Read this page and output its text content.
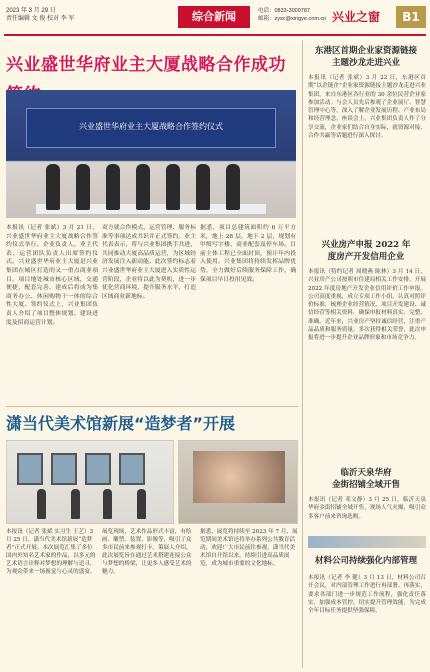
2023 年 3 月 29 日
责任编辑 文 俊 校对 李 军	综合新闻	电话：0833-3009787
邮箱：zysc@xingye.com.cn 兴业之窗	B1
兴业盛世华府业主大厦战略合作成功
兴业盛世华府业主大厦战略合作签约仪式
本报讯（记者 张斌）3 月 21 日，兴业盛世华府业主大厦战略合作签约仪式举行。企业负责人、业主代表、运营团队负责人出席签约仪式。兴业盛世华府业主大厦是兴业集团在城区打造的又一重点商业项目。项目地处城市核心区域，交通便捷，配套完善，建成后将成为集商务办公、休闲购物于一体的综合性大厦。签约仪式上，兴业集团负责人介绍了项目整体规划、建设进度及招商运营计划。
双方就合作模式、运营管理、服务标准等事项达成共识并正式签约。业主代表表示，将与兴业集团携手共进，共同推动大厦高品质运营，为区域经济发展注入新动能。此次签约标志着兴业盛世华府业主大厦进入实质性运营阶段，企业将以此为契机，进一步优化营商环境，提升服务水平，打造区域商业新地标。
据悉，项目总建筑面积约 6 万平方米，地上 28 层，地下 2 层，规划有甲级写字楼、商业配套及停车场。目前主体工程已全面封顶，预计年内投入使用。兴业集团将持续发挥品牌优势，全力做好后续服务保障工作，确保项目早日投用见效。
东港区首期企业家资源链接
主题沙龙走进兴业
本报讯（记者 张斌）3 月 22 日，东港区首期“以企链企”企业家资源链接主题沙龙走进兴业集团。来自东港区各行业的 30 余位民营企业家参加活动。与会人员先后参观了企业展厅、智慧管理中心等，深入了解企业发展历程、产业布局和经营理念。座谈会上，兴业集团负责人作了分享交流，企业家们结合自身实际，就资源对接、合作共赢等话题进行深入探讨。
兴业房产申报 2022 年
度房产开发信用企业
本报讯（特约记者 周晓燕 陈林）3 月 14 日，兴业房产公司按照市住建局相关工作安排，开展 2022 年度房地产开发企业信用评价工作申报。公司高度重视，成立专项工作小组，认真对照评价标准，梳理企业经营情况、项目开发建设、诚信经营等相关资料，确保申报材料真实、完整、准确。近年来，兴业房产坚持诚信经营，注重产品品质和服务质量，多次获得相关荣誉，此次申报将进一步提升企业品牌形象和市场竞争力。
临沂天泉华府
金街招铺全域开售
本报讯（记者 邓文静）3 月 25 日，临沂天泉华府金街招铺全域开售，现场人气火爆，吸引众多客户前来咨询选购。
材料公司持续强化内部管理
本报讯（记者 李 健）3 月 13 日，材料公司召开会议，对内部管理工作进行再部署、再落实，要求各部门进一步规范工作流程，强化责任落实，加强成本管控，切实提升管理效能，为完成全年目标任务提供坚强保障。
潇当代美术馆新展“造梦者”开展
本报讯（记者 张斌 实习生 王艺）3 月 25 日，潇当代美术馆新展“造梦者”正式开展。本次展览汇集了多位国内外知名艺术家的作品，以多元的艺术语言诠释对梦想的理解与追寻，为观众带来一场视觉与心灵的盛宴。
展览现场，艺术作品形式丰富，有绘画、雕塑、装置、影像等，吸引了众多市民前来参观打卡。策展人介绍，此次展览旨在通过艺术搭建连接公众与梦想的桥梁，让更多人感受艺术的魅力。
据悉，展览将持续至 2023 年 7 月，展览期间美术馆还将举办系列公共教育活动，欢迎广大市民前往参观。潇当代美术馆自开馆以来，持续引进高品质展览，成为城市重要的文化地标。
